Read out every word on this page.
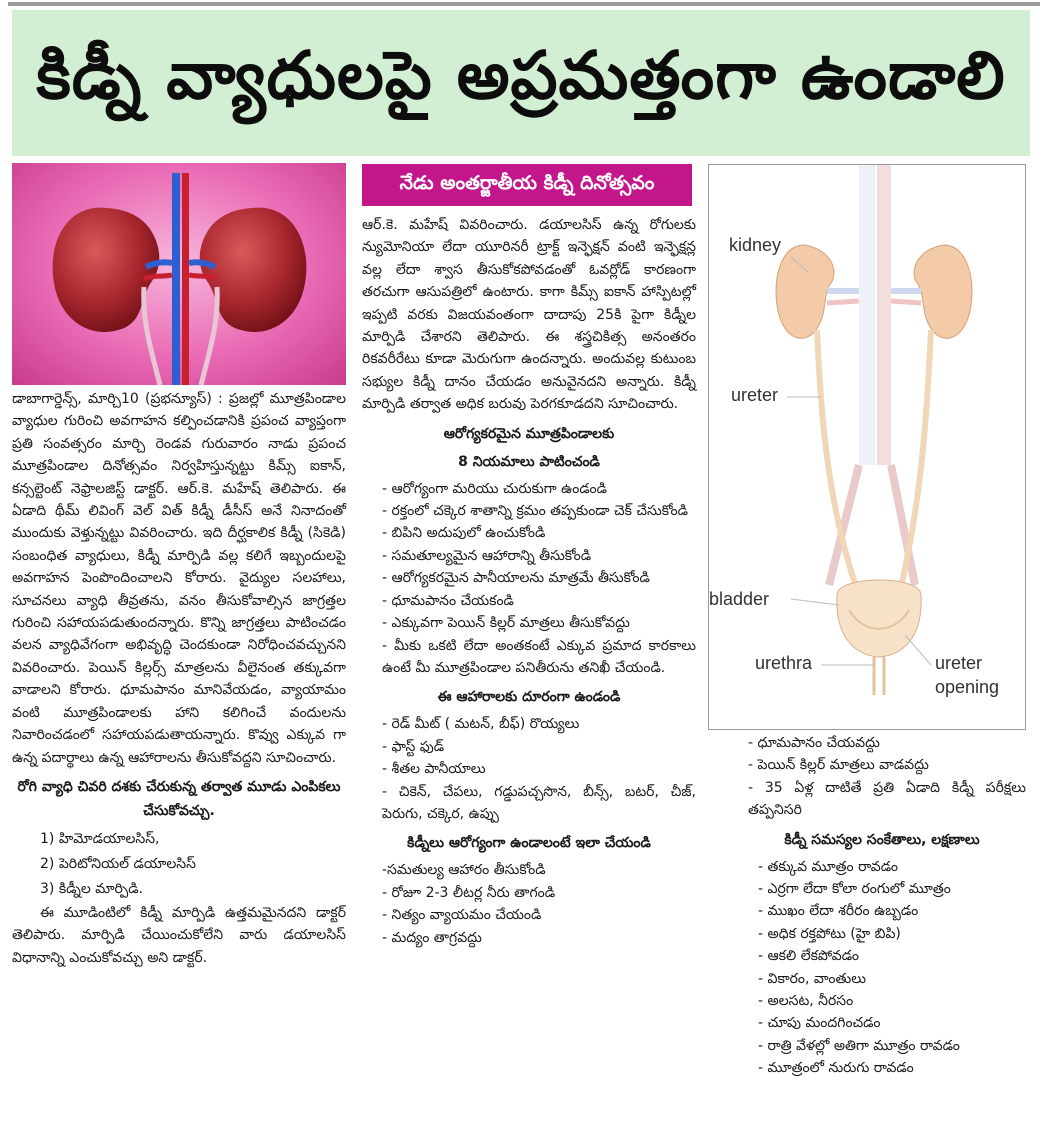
కిడ్నీ వ్యాధులపై అప్రమత్తంగా ఉండాలి

డాబాగార్డెన్స్, మార్చి10 (ప్రభన్యూస్) : ప్రజల్లో మూత్రపిండాల వ్యాధుల గురించి అవగాహన కల్పించడానికి ప్రపంచ వ్యాప్తంగా ప్రతి సంవత్సరం మార్చి రెండవ గురువారం నాడు ప్రపంచ మూత్రపిండాల దినోత్సవం నిర్వహిస్తున్నట్టు కిమ్స్ ఐకాన్, కన్సల్టెంట్ నెఫ్రాలజిస్ట్ డాక్టర్. ఆర్.కె. మహేష్ తెలిపారు. ఈ ఏడాది థీమ్ లివింగ్ వెల్ విత్ కిడ్నీ డీసీస్ అనే నినాదంతో ముందుకు వెళ్తున్నట్టు వివరించారు. ఇది దీర్ఘకాలిక కిడ్నీ (సికెడి) సంబంధిత వ్యాధులు, కిడ్నీ మార్పిడి వల్ల కలిగే ఇబ్బందులపై అవగాహన పెంపొందించాలని కోరారు. వైద్యుల సలహాలు, సూచనలు వ్యాధి తీవ్రతను, వనం తీసుకోవాల్సిన జాగ్రత్తల గురించి సహాయపడుతుందన్నారు. కొన్ని జాగ్రత్తలు పాటించడం వలన వ్యాధివేగంగా అభివృద్ధి చెందకుండా నిరోధించవచ్చునని వివరించారు. పెయిన్ కిల్లర్స్ మాత్రలను వీలైనంత తక్కువగా వాడాలని కోరారు. ధూమపానం మానివేయడం, వ్యాయామం వంటి మూత్రపిండాలకు హాని కలిగించే వందులను నివారించడంలో సహాయపడుతాయన్నారు. కొవ్వు ఎక్కువ గా ఉన్న పదార్థాలు ఉన్న ఆహారాలను తీసుకోవద్దని సూచించారు.

రోగి వ్యాధి చివరి దశకు చేరుకున్న తర్వాత మూడు ఎంపికలు చేసుకోవచ్చు.
1) హిమోడయాలసిస్,
2) పెరిటోనియల్ డయాలసిస్
3) కిడ్నీల మార్పిడి.

ఈ మూడింటిలో కిడ్నీ మార్పిడి ఉత్తమమైనదని డాక్టర్ తెలిపారు. మార్పిడి చేయించుకోలేని వారు డయాలసిస్ విధానాన్ని ఎంచుకోవచ్చు అని డాక్టర్.

నేడు అంతర్జాతీయ కిడ్నీ దినోత్సవం

ఆర్.కె. మహేష్ వివరించారు. డయాలసిస్ ఉన్న రోగులకు న్యుమోనియా లేదా యూరినరీ ట్రాక్ట్ ఇన్ఫెక్షన్ వంటి ఇన్ఫెక్షన్ల వల్ల లేదా శ్వాస తీసుకోకపోవడంతో ఓవర్లోడ్ కారణంగా తరచుగా ఆసుపత్రిలో ఉంటారు. కాగా కిమ్స్ ఐకాన్ హాస్పిటల్లో ఇప్పటి వరకు విజయవంతంగా దాదాపు 25కి పైగా కిడ్నీల మార్పిడి చేశారని తెలిపారు. ఈ శస్త్రచికిత్స అనంతరం రికవరీరేటు కూడా మెరుగుగా ఉందన్నారు. అందువల్ల కుటుంబ సభ్యుల కిడ్నీ దానం చేయడం అనువైనదని అన్నారు. కిడ్నీ మార్పిడి తర్వాత అధిక బరువు పెరగకూడదని సూచించారు.

ఆరోగ్యకరమైన మూత్రపిండాలకు
8 నియమాలు పాటించండి
- ఆరోగ్యంగా మరియు చురుకుగా ఉండండి
- రక్తంలో చక్కెర శాతాన్ని క్రమం తప్పకుండా చెక్ చేసుకోండి
- బిపిని అదుపులో ఉంచుకోండి
- సమతూల్యమైన ఆహారాన్ని తీసుకోండి
- ఆరోగ్యకరమైన పానీయాలను మాత్రమే తీసుకోండి
- ధూమపానం చేయకండి
- ఎక్కువగా పెయిన్ కిల్లర్ మాత్రలు తీసుకోవద్దు
- మీకు ఒకటి లేదా అంతకంటే ఎక్కువ ప్రమాద కారకాలు ఉంటే మీ మూత్రపిండాల పనితీరును తనిఖీ చేయండి.
ఈ ఆహారాలకు దూరంగా ఉండండి
- రెడ్ మీట్ ( మటన్, బీఫ్) రొయ్యలు
- ఫాస్ట్ ఫుడ్
- శీతల పానీయాలు
- చికెన్, చేపలు, గడ్డుపచ్చసొన, బీన్స్, బటర్, చీజ్, పెరుగు, చక్కెర, ఉప్పు
కిడ్నీలు ఆరోగ్యంగా ఉండాలంటే ఇలా చేయండి
-సమతుల్య ఆహారం తీసుకోండి
- రోజూ 2-3 లీటర్ల నీరు తాగండి
- నిత్యం వ్యాయమం చేయండి
- మద్యం తాగ్రవద్దు
kidney
ureter
bladder
urethra	ureter
opening
- ధూమపానం చేయవద్దు
- పెయిన్ కిల్లర్ మాత్రలు వాడవద్దు
- 35 ఏళ్ల దాటితే ప్రతి ఏడాది కిడ్నీ పరీక్షలు తప్పనిసరి
కిడ్నీ సమస్యల సంకేతాలు, లక్షణాలు
- తక్కువ మూత్రం రావడం
- ఎర్రగా లేదా కోలా రంగులో మూత్రం
- ముఖం లేదా శరీరం ఉబ్బడం
- అధిక రక్తపోటు (హై బిపి)
- ఆకలి లేకపోవడం
- వికారం, వాంతులు
- అలసట, నీరసం
- చూపు మందగించడం
- రాత్రి వేళల్లో అతిగా మూత్రం రావడం
- మూత్రంలో నురుగు రావడం
